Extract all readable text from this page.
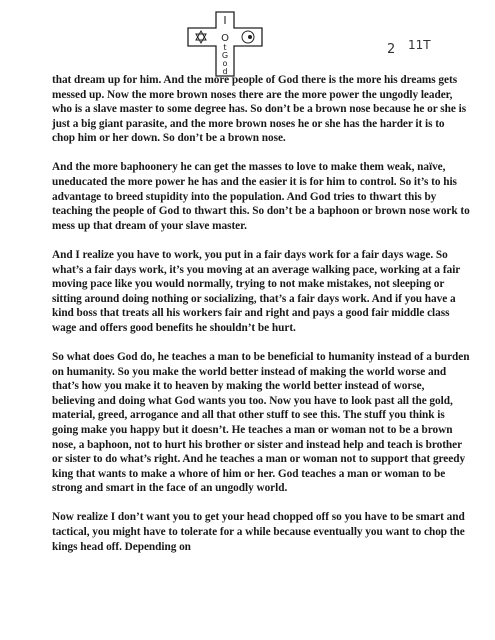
I
O
t
G
o
d
2 11T

that dream up for him. And the more people of God there is the more his dreams gets messed up. Now the more brown noses there are the more power the ungodly leader, who is a slave master to some degree has. So don’t be a brown nose because he or she is just a big giant parasite, and the more brown noses he or she has the harder it is to chop him or her down. So don’t be a brown nose.

And the more baphoonery he can get the masses to love to make them weak, naïve, uneducated the more power he has and the easier it is for him to control. So it’s to his advantage to breed stupidity into the population. And God tries to thwart this by teaching the people of God to thwart this. So don’t be a baphoon or brown nose work to mess up that dream of your slave master.

And I realize you have to work, you put in a fair days work for a fair days wage. So what’s a fair days work, it’s you moving at an average walking pace, working at a fair moving pace like you would normally, trying to not make mistakes, not sleeping or sitting around doing nothing or socializing, that’s a fair days work. And if you have a kind boss that treats all his workers fair and right and pays a good fair middle class wage and offers good benefits he shouldn’t be hurt.

So what does God do, he teaches a man to be beneficial to humanity instead of a burden on humanity. So you make the world better instead of making the world worse and that’s how you make it to heaven by making the world better instead of worse, believing and doing what God wants you too. Now you have to look past all the gold, material, greed, arrogance and all that other stuff to see this. The stuff you think is going make you happy but it doesn’t. He teaches a man or woman not to be a brown nose, a baphoon, not to hurt his brother or sister and instead help and teach is brother or sister to do what’s right. And he teaches a man or woman not to support that greedy king that wants to make a whore of him or her. God teaches a man or woman to be strong and smart in the face of an ungodly world.

Now realize I don’t want you to get your head chopped off so you have to be smart and tactical, you might have to tolerate for a while because eventually you want to chop the kings head off. Depending on
